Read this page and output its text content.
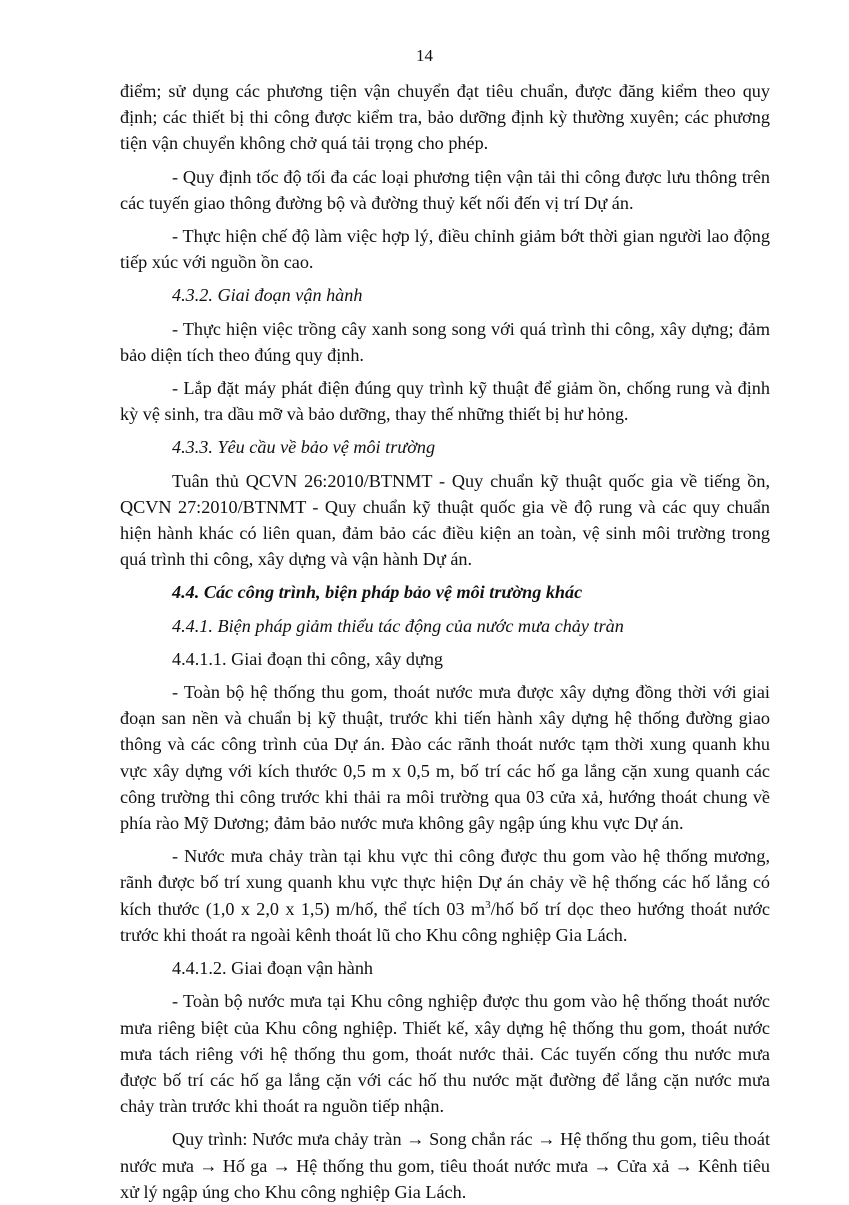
14

điểm; sử dụng các phương tiện vận chuyển đạt tiêu chuẩn, được đăng kiểm theo quy định; các thiết bị thi công được kiểm tra, bảo dưỡng định kỳ thường xuyên; các phương tiện vận chuyển không chở quá tải trọng cho phép.

- Quy định tốc độ tối đa các loại phương tiện vận tải thi công được lưu thông trên các tuyến giao thông đường bộ và đường thuỷ kết nối đến vị trí Dự án.

- Thực hiện chế độ làm việc hợp lý, điều chỉnh giảm bớt thời gian người lao động tiếp xúc với nguồn ồn cao.

4.3.2. Giai đoạn vận hành

- Thực hiện việc trồng cây xanh song song với quá trình thi công, xây dựng; đảm bảo diện tích theo đúng quy định.

- Lắp đặt máy phát điện đúng quy trình kỹ thuật để giảm ồn, chống rung và định kỳ vệ sinh, tra dầu mỡ và bảo dưỡng, thay thế những thiết bị hư hỏng.

4.3.3. Yêu cầu về bảo vệ môi trường

Tuân thủ QCVN 26:2010/BTNMT - Quy chuẩn kỹ thuật quốc gia về tiếng ồn, QCVN 27:2010/BTNMT - Quy chuẩn kỹ thuật quốc gia về độ rung và các quy chuẩn hiện hành khác có liên quan, đảm bảo các điều kiện an toàn, vệ sinh môi trường trong quá trình thi công, xây dựng và vận hành Dự án.

4.4. Các công trình, biện pháp bảo vệ môi trường khác

4.4.1. Biện pháp giảm thiểu tác động của nước mưa chảy tràn

4.4.1.1. Giai đoạn thi công, xây dựng

- Toàn bộ hệ thống thu gom, thoát nước mưa được xây dựng đồng thời với giai đoạn san nền và chuẩn bị kỹ thuật, trước khi tiến hành xây dựng hệ thống đường giao thông và các công trình của Dự án. Đào các rãnh thoát nước tạm thời xung quanh khu vực xây dựng với kích thước 0,5 m x 0,5 m, bố trí các hố ga lắng cặn xung quanh các công trường thi công trước khi thải ra môi trường qua 03 cửa xả, hướng thoát chung về phía rào Mỹ Dương; đảm bảo nước mưa không gây ngập úng khu vực Dự án.

- Nước mưa chảy tràn tại khu vực thi công được thu gom vào hệ thống mương, rãnh được bố trí xung quanh khu vực thực hiện Dự án chảy về hệ thống các hố lắng có kích thước (1,0 x 2,0 x 1,5) m/hố, thể tích 03 $m^3/hố$ bố trí dọc theo hướng thoát nước trước khi thoát ra ngoài kênh thoát lũ cho Khu công nghiệp Gia Lách.

4.4.1.2. Giai đoạn vận hành

- Toàn bộ nước mưa tại Khu công nghiệp được thu gom vào hệ thống thoát nước mưa riêng biệt của Khu công nghiệp. Thiết kế, xây dựng hệ thống thu gom, thoát nước mưa tách riêng với hệ thống thu gom, thoát nước thải. Các tuyến cống thu nước mưa được bố trí các hố ga lắng cặn với các hố thu nước mặt đường để lắng cặn nước mưa chảy tràn trước khi thoát ra nguồn tiếp nhận.

Quy trình: Nước mưa chảy tràn → Song chắn rác → Hệ thống thu gom, tiêu thoát nước mưa → Hố ga → Hệ thống thu gom, tiêu thoát nước mưa → Cửa xả → Kênh tiêu xử lý ngập úng cho Khu công nghiệp Gia Lách.
